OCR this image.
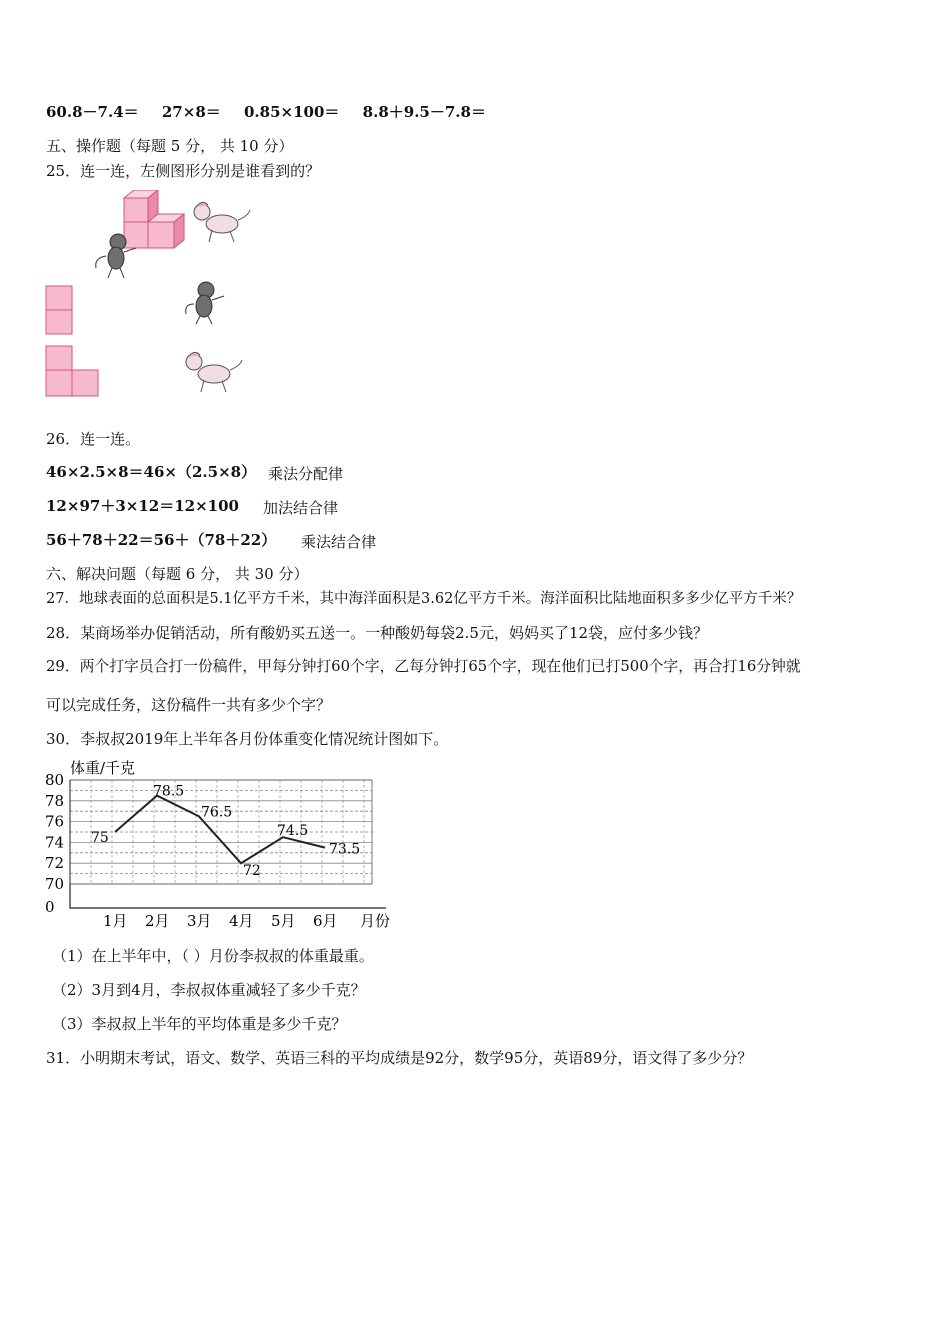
60.8－7.4＝ 27×8＝ 0.85×100＝ 8.8＋9.5－7.8＝
五、操作题（每题 5 分， 共 10 分）
25．连一连，左侧图形分别是谁看到的？
26．连一连。
46×2.5×8＝46×（2.5×8） 乘法分配律
12×97＋3×12＝12×100 加法结合律
56＋78＋22＝56＋（78＋22） 乘法结合律
六、解决问题（每题 6 分， 共 30 分）
27．地球表面的总面积是5.1亿平方千米，其中海洋面积是3.62亿平方千米。海洋面积比陆地面积多多少亿平方千米？
28．某商场举办促销活动，所有酸奶买五送一。一种酸奶每袋2.5元，妈妈买了12袋，应付多少钱？
29．两个打字员合打一份稿件，甲每分钟打60个字，乙每分钟打65个字，现在他们已打500个字，再合打16分钟就
可以完成任务，这份稿件一共有多少个字？
30．李叔叔2019年上半年各月份体重变化情况统计图如下。
体重/千克
80
78
76
74
72
70
0
1月 2月 3月 4月 5月 6月
75
78.5
76.5
72
74.5
73.5
月份
（1）在上半年中，（ ）月份李叔叔的体重最重。
（2）3月到4月，李叔叔体重减轻了多少千克？
（3）李叔叔上半年的平均体重是多少千克？
31．小明期末考试，语文、数学、英语三科的平均成绩是92分，数学95分，英语89分，语文得了多少分？
